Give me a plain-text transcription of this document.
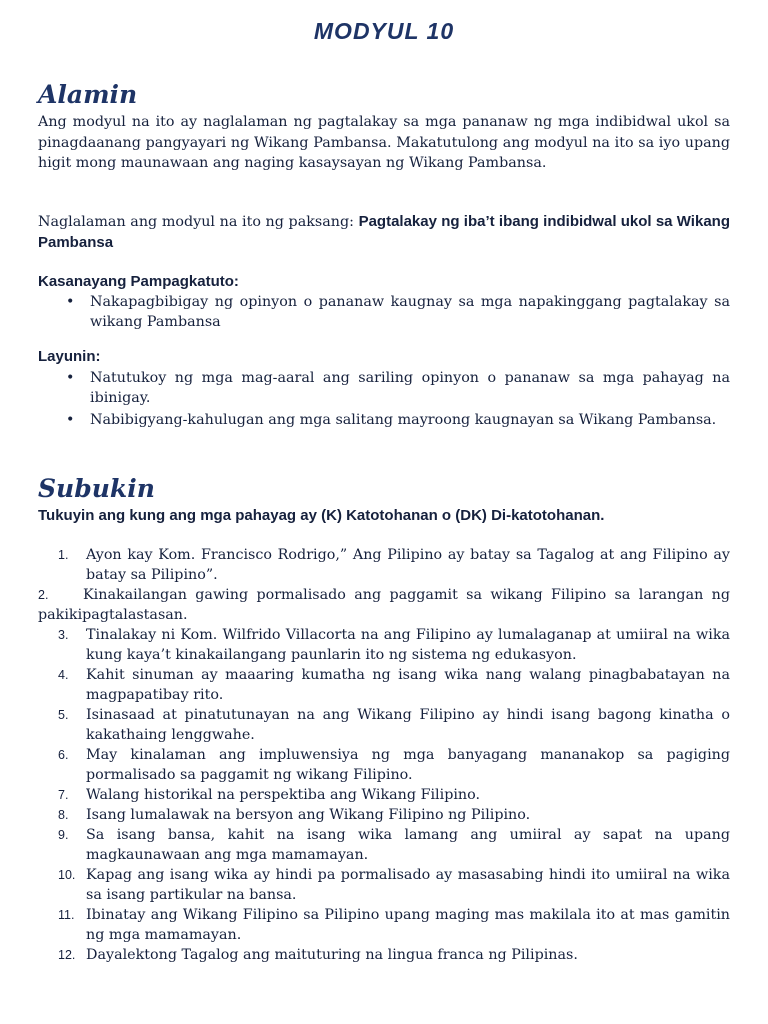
MODYUL 10
Alamin

Ang modyul na ito ay naglalaman ng pagtalakay sa mga pananaw ng mga indibidwal ukol sa pinagdaanang pangyayari ng Wikang Pambansa. Makatutulong ang modyul na ito sa iyo upang higit mong maunawaan ang naging kasaysayan ng Wikang Pambansa.

Naglalaman ang modyul na ito ng paksang: Pagtalakay ng iba’t ibang indibidwal ukol sa Wikang Pambansa

Kasanayang Pampagkatuto:

• Nakapagbibigay ng opinyon o pananaw kaugnay sa mga napakinggang pagtalakay sa wikang Pambansa

Layunin:

• Natutukoy ng mga mag-aaral ang sariling opinyon o pananaw sa mga pahayag na ibinigay.
• Nabibigyang-kahulugan ang mga salitang mayroong kaugnayan sa Wikang Pambansa.
Subukin

Tukuyin ang kung ang mga pahayag ay (K) Katotohanan o (DK) Di-katotohanan.

1. Ayon kay Kom. Francisco Rodrigo,” Ang Pilipino ay batay sa Tagalog at ang Filipino ay batay sa Pilipino”.
2. Kinakailangan gawing pormalisado ang paggamit sa wikang Filipino sa larangan ng pakikipagtalastasan.
3. Tinalakay ni Kom. Wilfrido Villacorta na ang Filipino ay lumalaganap at umiiral na wika kung kaya’t kinakailangang paunlarin ito ng sistema ng edukasyon.
4. Kahit sinuman ay maaaring kumatha ng isang wika nang walang pinagbabatayan na magpapatibay rito.
5. Isinasaad at pinatutunayan na ang Wikang Filipino ay hindi isang bagong kinatha o kakathaing lenggwahe.
6. May kinalaman ang impluwensiya ng mga banyagang mananakop sa pagiging pormalisado sa paggamit ng wikang Filipino.
7. Walang historikal na perspektiba ang Wikang Filipino.
8. Isang lumalawak na bersyon ang Wikang Filipino ng Pilipino.
9. Sa isang bansa, kahit na isang wika lamang ang umiiral ay sapat na upang magkaunawaan ang mga mamamayan.
10. Kapag ang isang wika ay hindi pa pormalisado ay masasabing hindi ito umiiral na wika sa isang partikular na bansa.
11. Ibinatay ang Wikang Filipino sa Pilipino upang maging mas makilala ito at mas gamitin ng mga mamamayan.
12. Dayalektong Tagalog ang maituturing na lingua franca ng Pilipinas.
